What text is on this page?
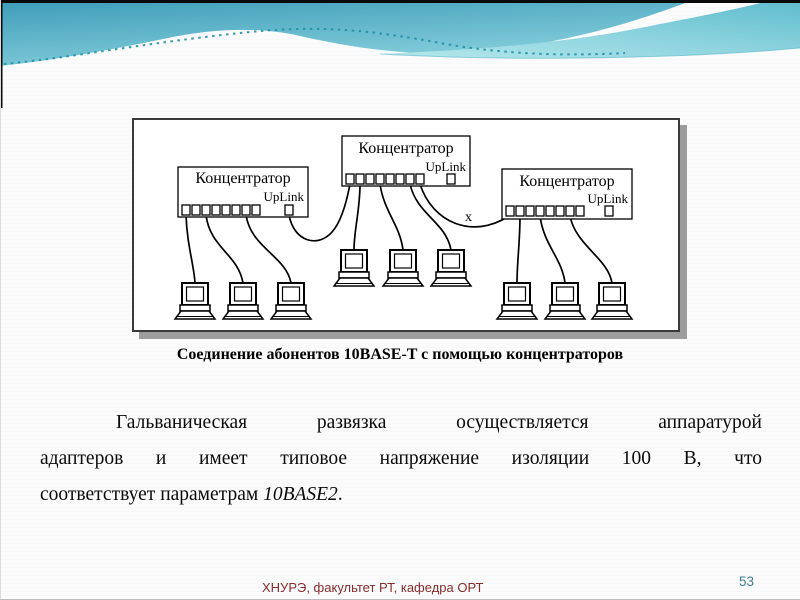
Концентратор
UpLink
Концентратор
UpLink
Концентратор
UpLink
x
Соединение абонентов 10BASE-T с помощью концентраторов
Гальваническая развязка осуществляется аппаратурой
адаптеров и имеет типовое напряжение изоляции 100 В, что
соответствует параметрам 10BASE2.
ХНУРЭ, факультет РТ, кафедра ОРТ	53
